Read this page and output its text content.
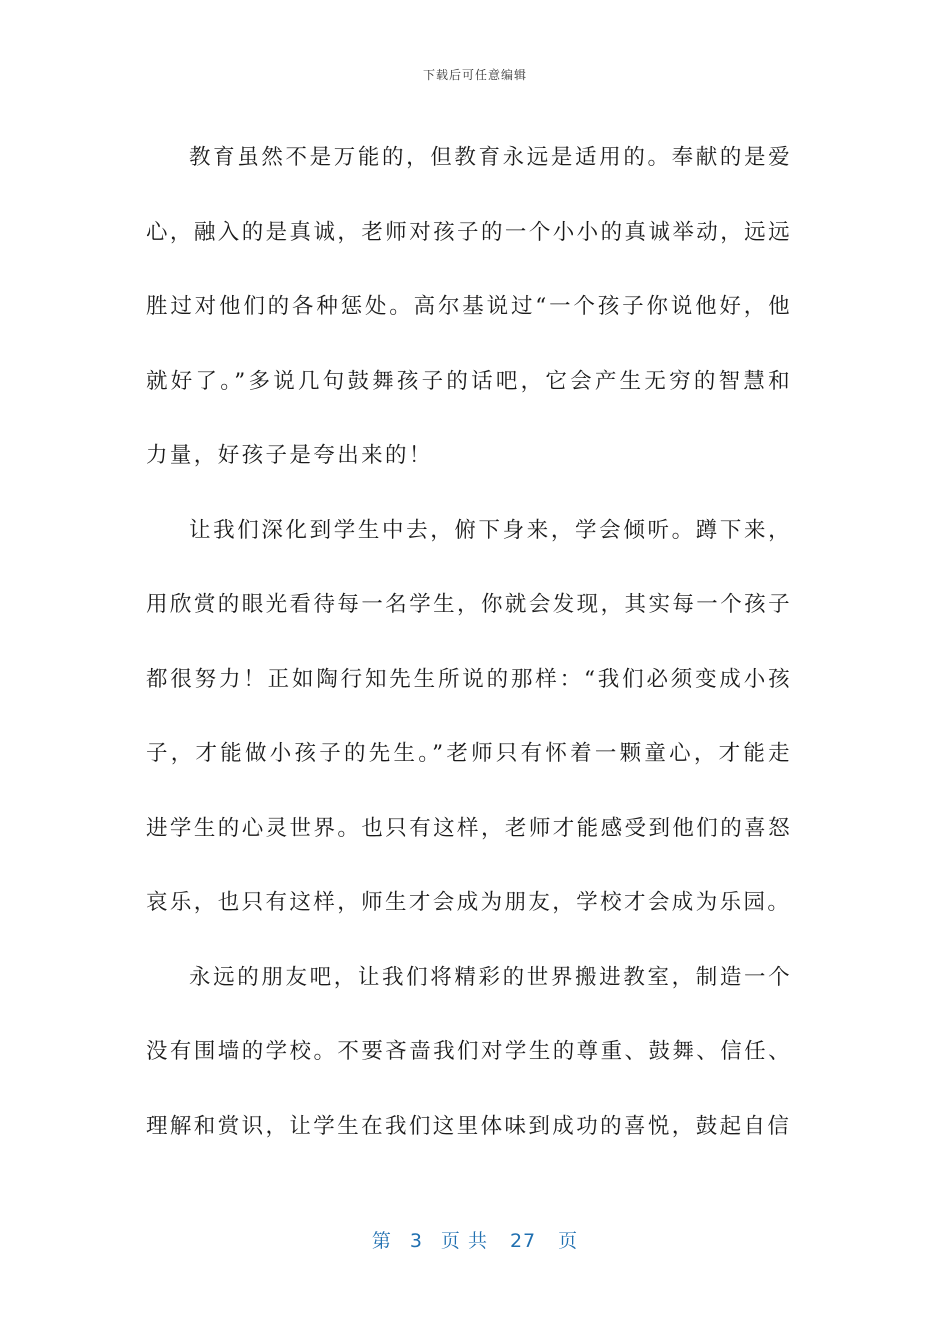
下载后可任意编辑

教育虽然不是万能的，但教育永远是适用的。奉献的是爱心，融入的是真诚，老师对孩子的一个小小的真诚举动，远远胜过对他们的各种惩处。高尔基说过“一个孩子你说他好，他就好了。”多说几句鼓舞孩子的话吧，它会产生无穷的智慧和力量，好孩子是夸出来的！

让我们深化到学生中去，俯下身来，学会倾听。蹲下来，用欣赏的眼光看待每一名学生，你就会发现，其实每一个孩子都很努力！正如陶行知先生所说的那样：“我们必须变成小孩子，才能做小孩子的先生。”老师只有怀着一颗童心，才能走进学生的心灵世界。也只有这样，老师才能感受到他们的喜怒哀乐，也只有这样，师生才会成为朋友，学校才会成为乐园。

永远的朋友吧，让我们将精彩的世界搬进教室，制造一个没有围墙的学校。不要吝啬我们对学生的尊重、鼓舞、信任、理解和赏识，让学生在我们这里体味到成功的喜悦，鼓起自信

第 3 页 共 27 页
